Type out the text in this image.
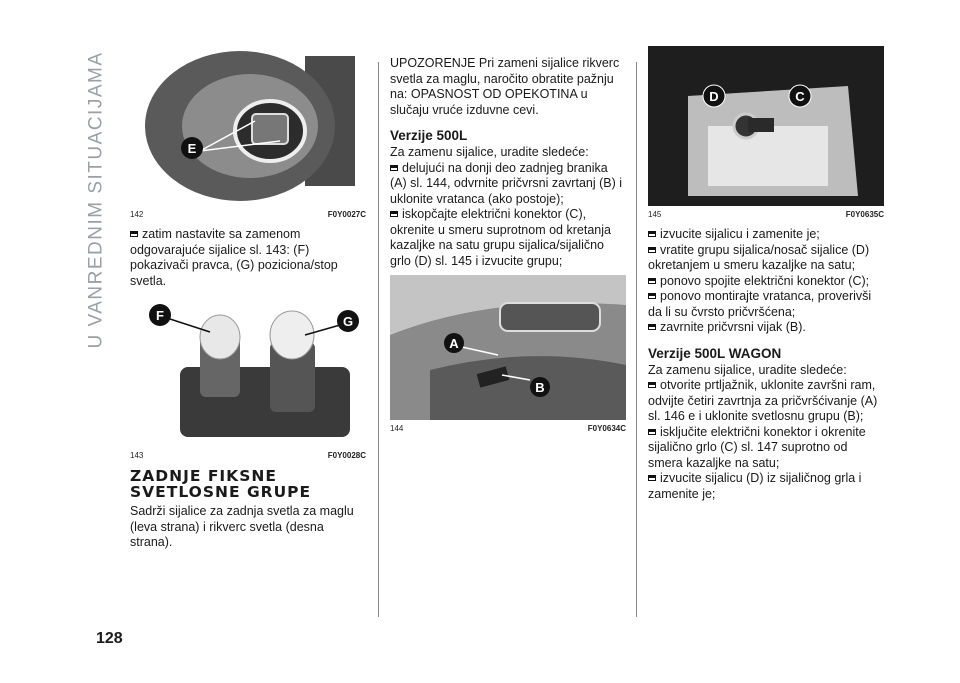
U VANREDNIM SITUACIJAMA
128
E
142	F0Y0027C

zatim nastavite sa zamenom odgovarajuće sijalice sl. 143: (F) pokazivači pravca, (G) poziciona/stop svetla.

F	G
143	F0Y0028C
ZADNJE FIKSNE SVETLOSNE GRUPE

Sadrži sijalice za zadnja svetla za maglu (leva strana) i rikverc svetla (desna strana).

UPOZORENJE Pri zameni sijalice rikverc svetla za maglu, naročito obratite pažnju na: OPASNOST OD OPEKOTINA u slučaju vruće izduvne cevi.

Verzije 500L

Za zamenu sijalice, uradite sledeće:

delujući na donji deo zadnjeg branika (A) sl. 144, odvrnite pričvrsni zavrtanj (B) i uklonite vratanca (ako postoje);

iskopčajte električni konektor (C), okrenite u smeru suprotnom od kretanja kazaljke na satu grupu sijalica/sijalično grlo (D) sl. 145 i izvucite grupu;

A
B
144	F0Y0634C
D	C
145	F0Y0635C

izvucite sijalicu i zamenite je;

vratite grupu sijalica/nosač sijalice (D) okretanjem u smeru kazaljke na satu;

ponovo spojite električni konektor (C);

ponovo montirajte vratanca, proverivši da li su čvrsto pričvršćena;

zavrnite pričvrsni vijak (B).

Verzije 500L WAGON

Za zamenu sijalice, uradite sledeće:

otvorite prtljažnik, uklonite završni ram, odvijte četiri zavrtnja za pričvršćivanje (A) sl. 146 e i uklonite svetlosnu grupu (B);

isključite električni konektor i okrenite sijalično grlo (C) sl. 147 suprotno od smera kazaljke na satu;

izvucite sijalicu (D) iz sijaličnog grla i zamenite je;
